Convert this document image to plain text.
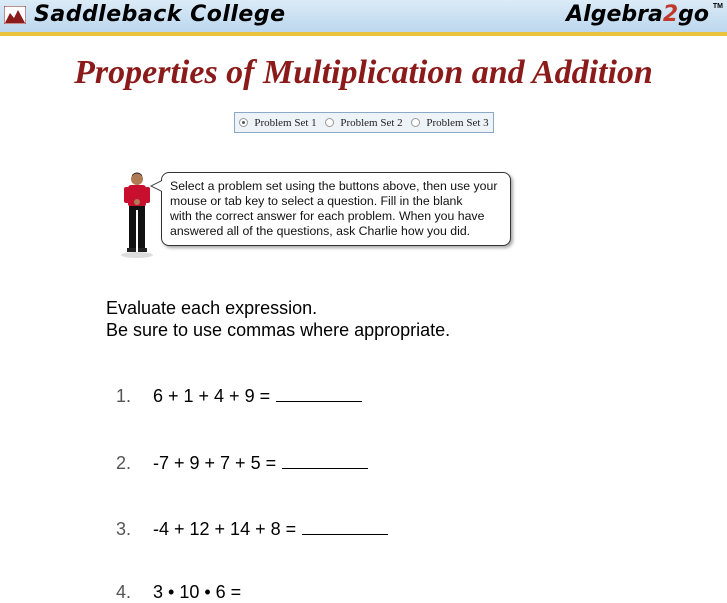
Saddleback College	Algebra2go TM
Properties of Multiplication and Addition
Problem Set 1 Problem Set 2 Problem Set 3
Select a problem set using the buttons above, then use your
mouse or tab key to select a question. Fill in the blank
with the correct answer for each problem. When you have
answered all of the questions, ask Charlie how you did.
Evaluate each expression.
Be sure to use commas where appropriate.
1.	6 + 1 + 4 + 9 =
2.	-7 + 9 + 7 + 5 =
3.	-4 + 12 + 14 + 8 =
4.	3 • 10 • 6 =
